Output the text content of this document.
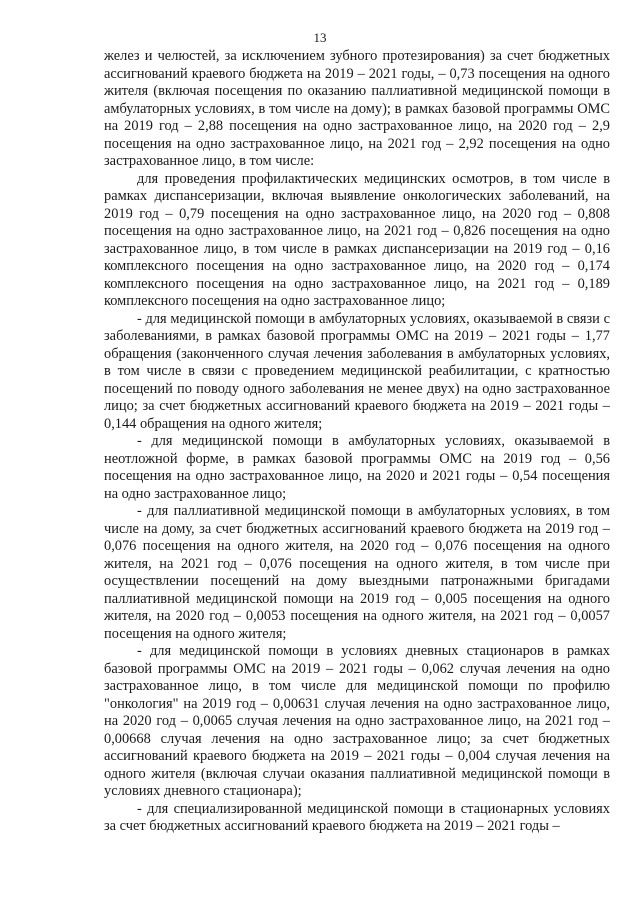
13

желез и челюстей, за исключением зубного протезирования) за счет бюджетных ассигнований краевого бюджета на 2019 – 2021 годы, – 0,73 посещения на одного жителя (включая посещения по оказанию паллиативной медицинской помощи в амбулаторных условиях, в том числе на дому); в рамках базовой программы ОМС на 2019 год – 2,88 посещения на одно застрахованное лицо, на 2020 год – 2,9 посещения на одно застрахованное лицо, на 2021 год – 2,92 посещения на одно застрахованное лицо, в том числе:

для проведения профилактических медицинских осмотров, в том числе в рамках диспансеризации, включая выявление онкологических заболеваний, на 2019 год – 0,79 посещения на одно застрахованное лицо, на 2020 год – 0,808 посещения на одно застрахованное лицо, на 2021 год – 0,826 посещения на одно застрахованное лицо, в том числе в рамках диспансеризации на 2019 год – 0,16 комплексного посещения на одно застрахованное лицо, на 2020 год – 0,174 комплексного посещения на одно застрахованное лицо, на 2021 год – 0,189 комплексного посещения на одно застрахованное лицо;

- для медицинской помощи в амбулаторных условиях, оказываемой в связи с заболеваниями, в рамках базовой программы ОМС на 2019 – 2021 годы – 1,77 обращения (законченного случая лечения заболевания в амбулаторных условиях, в том числе в связи с проведением медицинской реабилитации, с кратностью посещений по поводу одного заболевания не менее двух) на одно застрахованное лицо; за счет бюджетных ассигнований краевого бюджета на 2019 – 2021 годы – 0,144 обращения на одного жителя;

- для медицинской помощи в амбулаторных условиях, оказываемой в неотложной форме, в рамках базовой программы ОМС на 2019 год – 0,56 посещения на одно застрахованное лицо, на 2020 и 2021 годы – 0,54 посещения на одно застрахованное лицо;

- для паллиативной медицинской помощи в амбулаторных условиях, в том числе на дому, за счет бюджетных ассигнований краевого бюджета на 2019 год – 0,076 посещения на одного жителя, на 2020 год – 0,076 посещения на одного жителя, на 2021 год – 0,076 посещения на одного жителя, в том числе при осуществлении посещений на дому выездными патронажными бригадами паллиативной медицинской помощи на 2019 год – 0,005 посещения на одного жителя, на 2020 год – 0,0053 посещения на одного жителя, на 2021 год – 0,0057 посещения на одного жителя;

- для медицинской помощи в условиях дневных стационаров в рамках базовой программы ОМС на 2019 – 2021 годы – 0,062 случая лечения на одно застрахованное лицо, в том числе для медицинской помощи по профилю "онкология" на 2019 год – 0,00631 случая лечения на одно застрахованное лицо, на 2020 год – 0,0065 случая лечения на одно застрахованное лицо, на 2021 год – 0,00668 случая лечения на одно застрахованное лицо; за счет бюджетных ассигнований краевого бюджета на 2019 – 2021 годы – 0,004 случая лечения на одного жителя (включая случаи оказания паллиативной медицинской помощи в условиях дневного стационара);

- для специализированной медицинской помощи в стационарных условиях за счет бюджетных ассигнований краевого бюджета на 2019 – 2021 годы –
